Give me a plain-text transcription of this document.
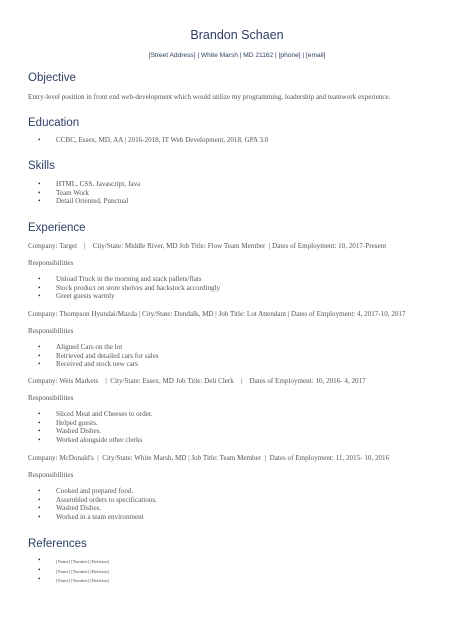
Brandon Schaen
[Street Address] | White Marsh | MD 21162 | [phone] | [email]
Objective
Entry-level position in front end web-development which would utilize my programming, leadership and teamwork experience.
Education
• CCBC, Essex, MD, AA | 2016-2018, IT Web Development, 2018, GPA 3.0
Skills
• HTML, CSS, Javascript, Java
• Team Work
• Detail Oriented, Punctual
Experience
Company: Target    |    City/State: Middle River, MD Job Title: Flow Team Member  | Dates of Employment: 10, 2017-Present
Responsibilities
• Unload Truck in the morning and stack pallets/flats
• Stock product on store shelves and backstock accordingly
• Greet guests warmly
Company: Thompson Hyundai/Mazda | City/State: Dundalk, MD | Job Title: Lot Attendant | Dates of Employment: 4, 2017-10, 2017
Responsibilities
• Aligned Cars on the lot
• Retrieved and detailed cars for sales
• Received and stock new cars
Company: Weis Markets    |  City/State: Essex, MD Job Title: Deli Clerk    |    Dates of Employment: 10, 2016- 4, 2017
Responsibilities
• Sliced Meat and Cheeses to order.
• Helped guests.
• Washed Dishes.
• Worked alongside other clerks
Company: McDonald's  |  City/State: White Marsh, MD | Job Title: Team Member  |  Dates of Employment: 11, 2015- 10, 2016
Responsibilities
• Cooked and prepared food.
• Assembled orders to specifications.
• Washed Dishes.
• Worked in a team environment
References
• [Name] [Number] [Relation]
• [Name] [Number] [Relation]
• [Name] [Number] [Relation]
